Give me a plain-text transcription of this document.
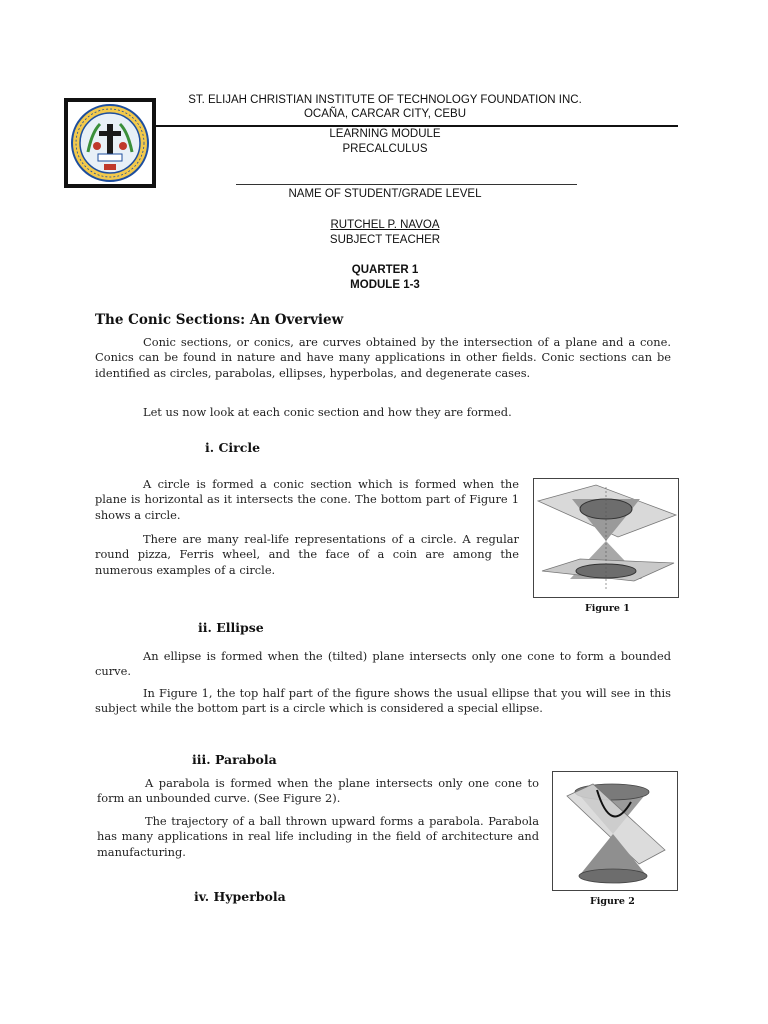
ST. ELIJAH CHRISTIAN INSTITUTE OF TECHNOLOGY FOUNDATION INC.
OCAÑA, CARCAR CITY, CEBU
LEARNING MODULE
PRECALCULUS
NAME OF STUDENT/GRADE LEVEL
RUTCHEL P. NAVOA
SUBJECT TEACHER
QUARTER 1
MODULE 1-3
The Conic Sections: An Overview
Conic sections, or conics, are curves obtained by the intersection of a plane and a cone. Conics can be found in nature and have many applications in other fields. Conic sections can be identified as circles, parabolas, ellipses, hyperbolas, and degenerate cases.
Let us now look at each conic section and how they are formed.
i. Circle
A circle is formed a conic section which is formed when the plane is horizontal as it intersects the cone. The bottom part of Figure 1 shows a circle.
There are many real-life representations of a circle. A regular round pizza, Ferris wheel, and the face of a coin are among the numerous examples of a circle.
Figure 1
ii. Ellipse
An ellipse is formed when the (tilted) plane intersects only one cone to form a bounded curve.
In Figure 1, the top half part of the figure shows the usual ellipse that you will see in this subject while the bottom part is a circle which is considered a special ellipse.
iii. Parabola
A parabola is formed when the plane intersects only one cone to form an unbounded curve. (See Figure 2).
The trajectory of a ball thrown upward forms a parabola. Parabola has many applications in real life including in the field of architecture and manufacturing.
Figure 2
iv. Hyperbola
